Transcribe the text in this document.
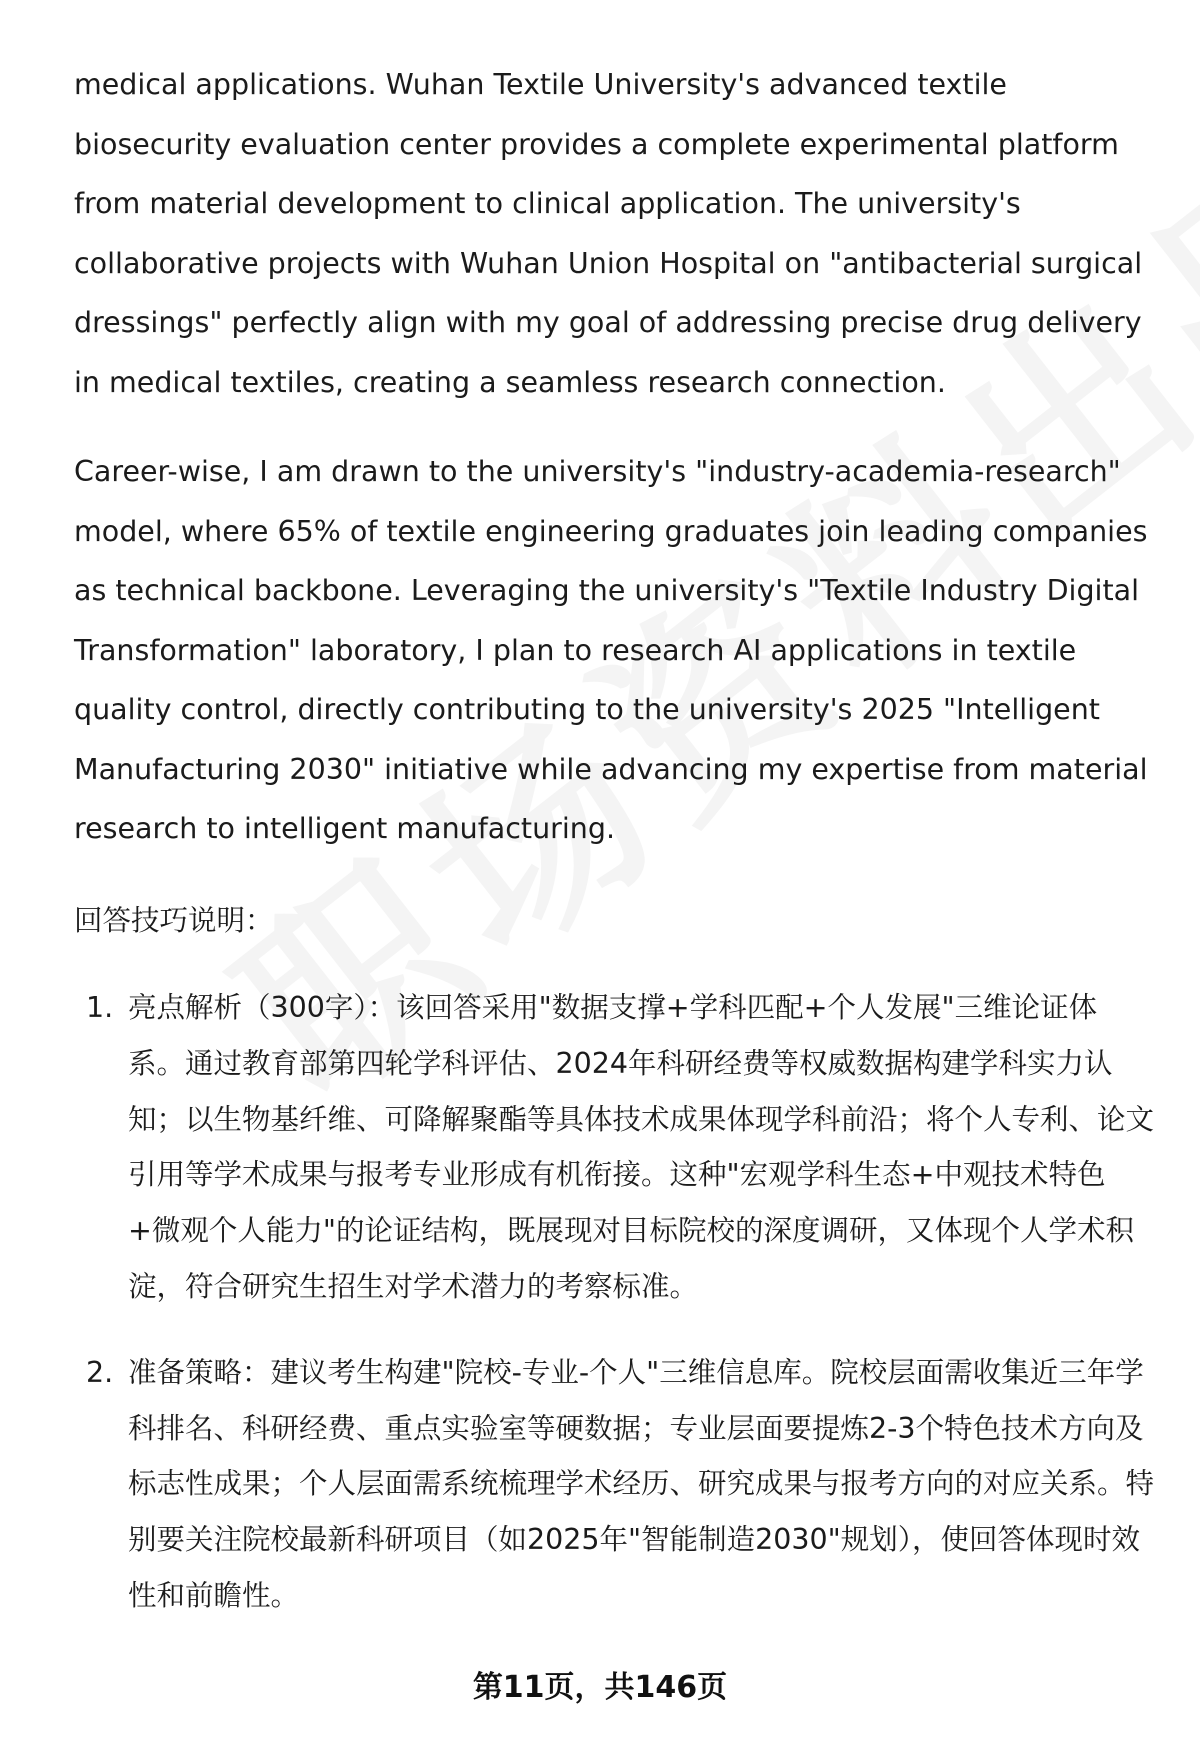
medical applications. Wuhan Textile University's advanced textile biosecurity evaluation center provides a complete experimental platform from material development to clinical application. The university's collaborative projects with Wuhan Union Hospital on "antibacterial surgical dressings" perfectly align with my goal of addressing precise drug delivery in medical textiles, creating a seamless research connection.

Career-wise, I am drawn to the university's "industry-academia-research" model, where 65% of textile engineering graduates join leading companies as technical backbone. Leveraging the university's "Textile Industry Digital Transformation" laboratory, I plan to research AI applications in textile quality control, directly contributing to the university's 2025 "Intelligent Manufacturing 2030" initiative while advancing my expertise from material research to intelligent manufacturing.

回答技巧说明：
1. 亮点解析（300字）：该回答采用"数据支撑+学科匹配+个人发展"三维论证体系。通过教育部第四轮学科评估、2024年科研经费等权威数据构建学科实力认知；以生物基纤维、可降解聚酯等具体技术成果体现学科前沿；将个人专利、论文引用等学术成果与报考专业形成有机衔接。这种"宏观学科生态+中观技术特色+微观个人能力"的论证结构，既展现对目标院校的深度调研，又体现个人学术积淀，符合研究生招生对学术潜力的考察标准。
2. 准备策略：建议考生构建"院校-专业-个人"三维信息库。院校层面需收集近三年学科排名、科研经费、重点实验室等硬数据；专业层面要提炼2-3个特色技术方向及标志性成果；个人层面需系统梳理学术经历、研究成果与报考方向的对应关系。特别要关注院校最新科研项目（如2025年"智能制造2030"规划），使回答体现时效性和前瞻性。
第11页，共146页
